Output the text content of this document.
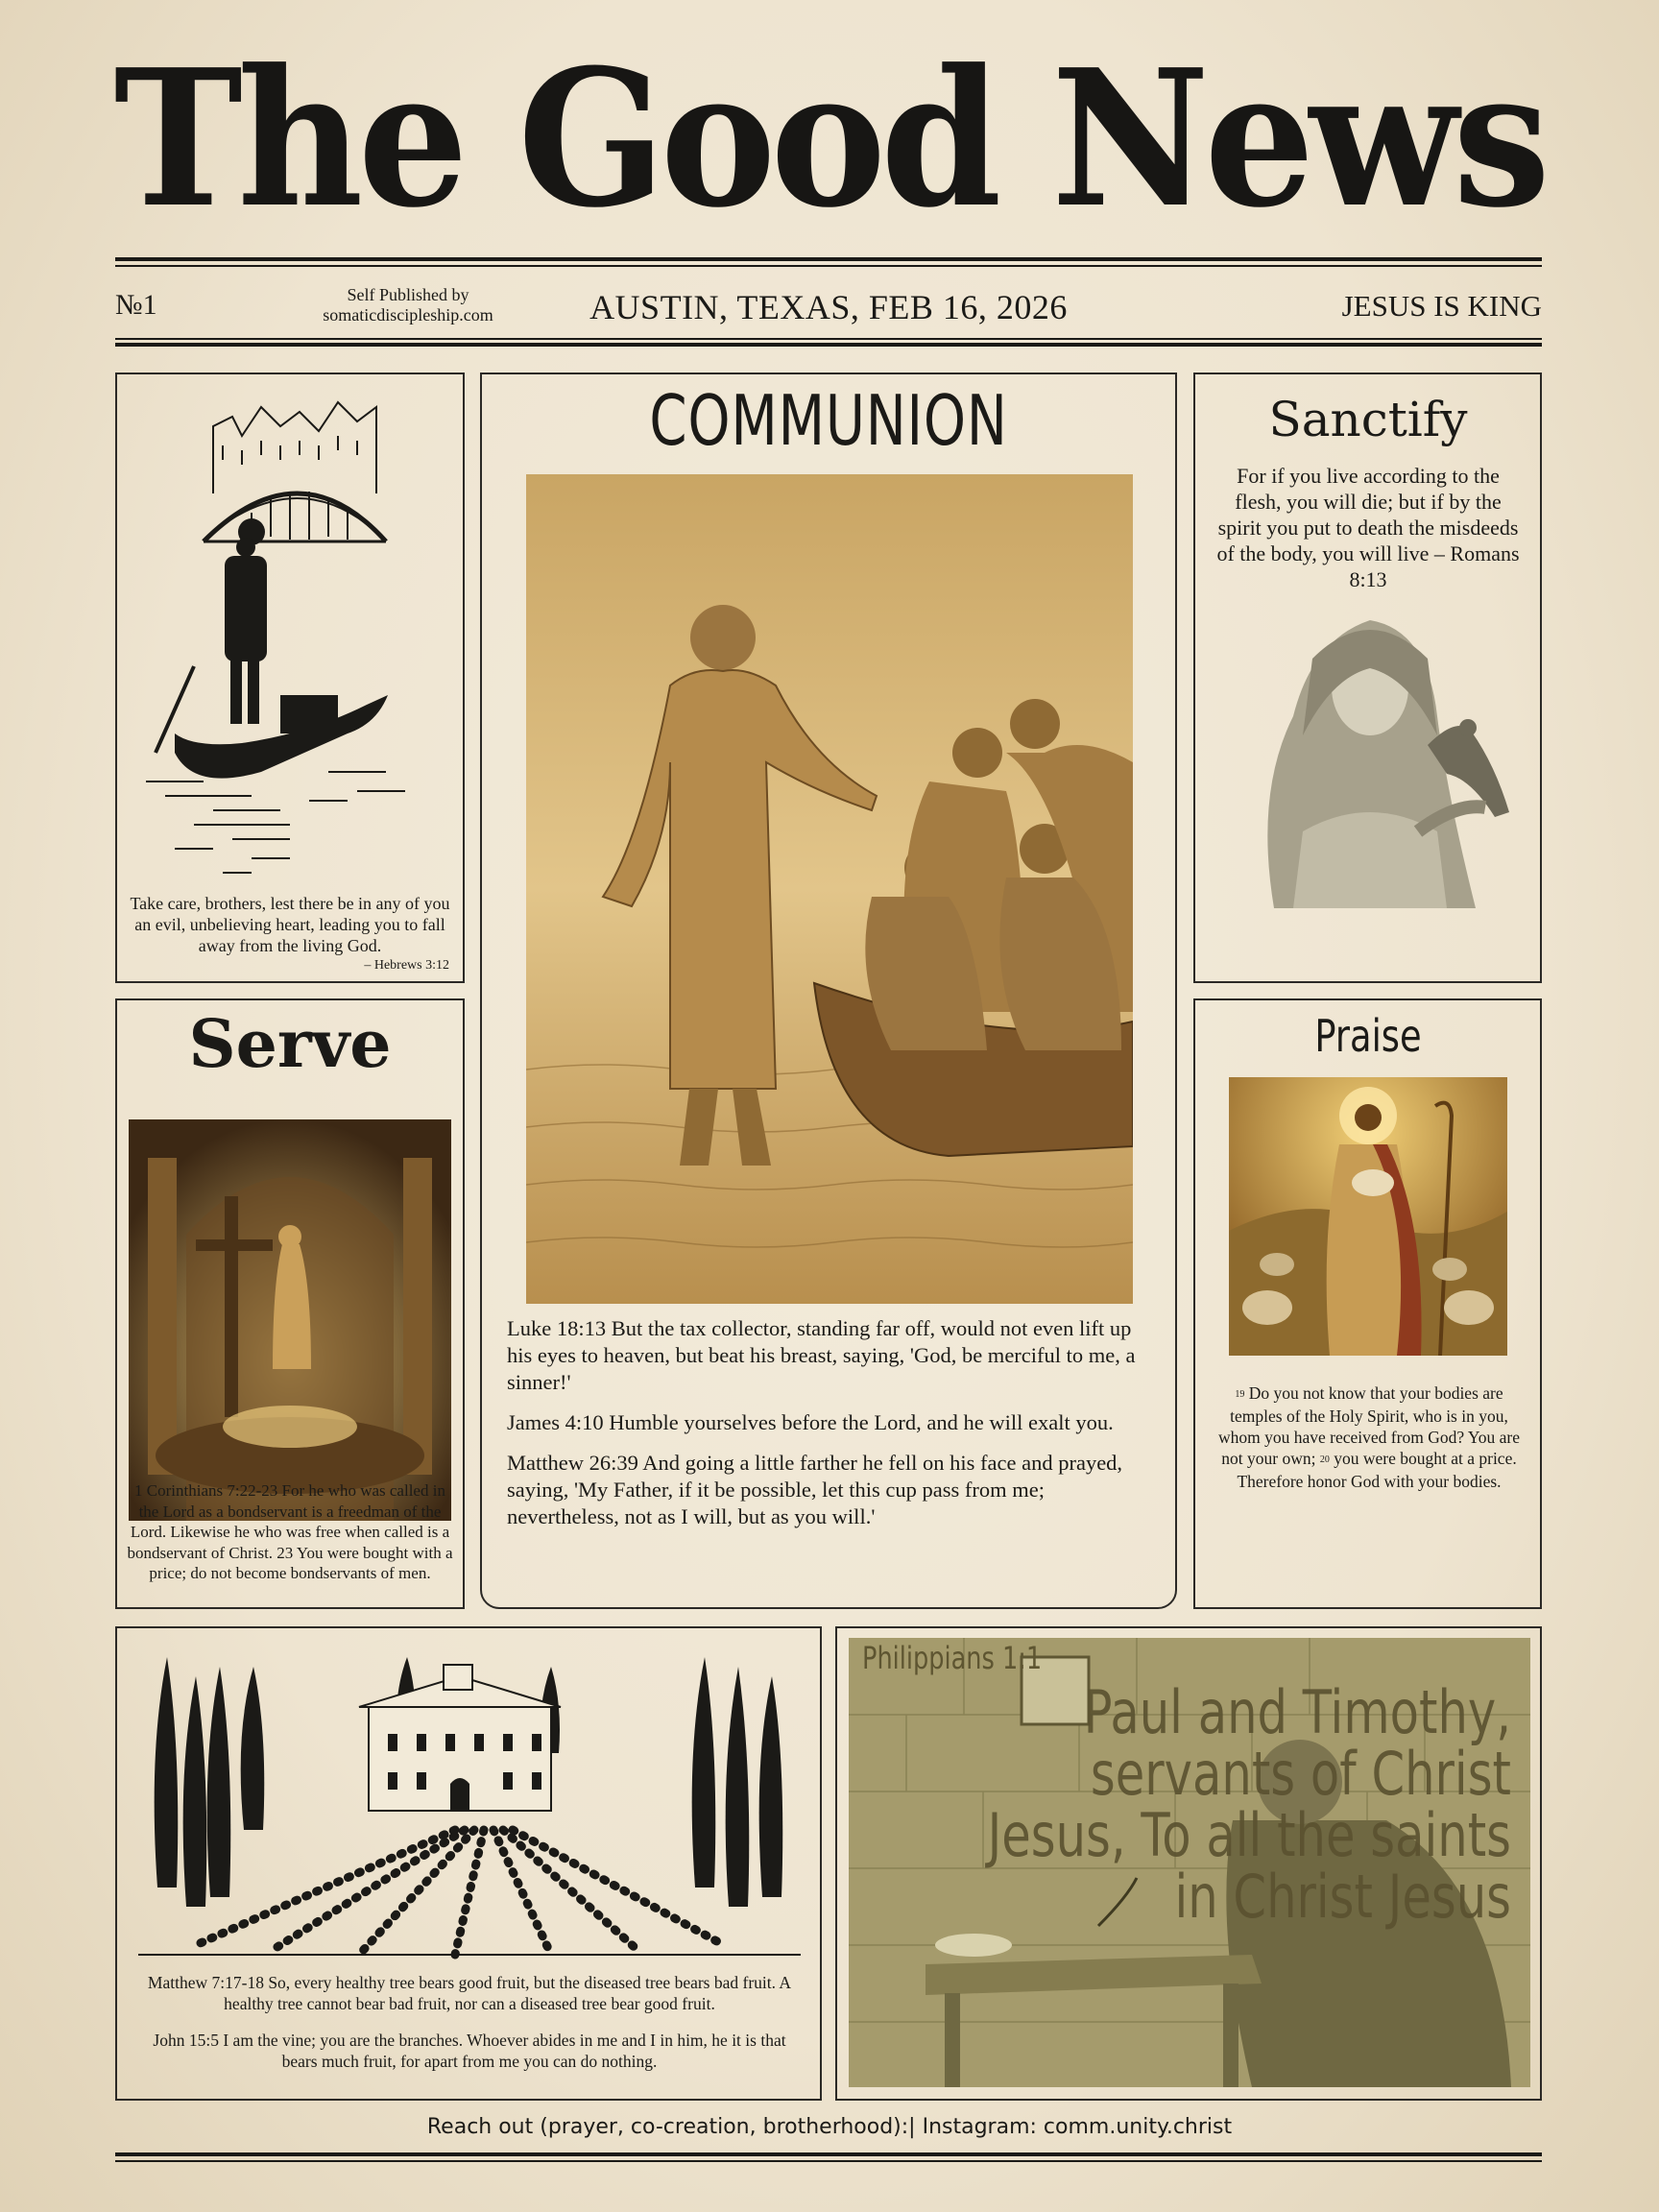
The Good News
№1	Self Published by
somaticdiscipleship.com	AUSTIN, TEXAS, FEB 16, 2026	JESUS IS KING
Take care, brothers, lest there be in any of you an evil, unbelieving heart, leading you to fall away from the living God.
– Hebrews 3:12
Serve
1 Corinthians 7:22-23 For he who was called in the Lord as a bondservant is a freedman of the Lord. Likewise he who was free when called is a bondservant of Christ. 23 You were bought with a price; do not become bondservants of men.
COMMUNION

Luke 18:13 But the tax collector, standing far off, would not even lift up his eyes to heaven, but beat his breast, saying, 'God, be merciful to me, a sinner!'

James 4:10 Humble yourselves before the Lord, and he will exalt you.

Matthew 26:39 And going a little farther he fell on his face and prayed, saying, 'My Father, if it be possible, let this cup pass from me; nevertheless, not as I will, but as you will.'

Sanctify
For if you live according to the flesh, you will die; but if by the spirit you put to death the misdeeds of the body, you will live – Romans 8:13
Praise
$^{19}$ Do you not know that your bodies are temples of the Holy Spirit, who is in you, whom you have received from God? You are not your own; $^{20}$ you were bought at a price. Therefore honor God with your bodies.

Matthew 7:17-18 So, every healthy tree bears good fruit, but the diseased tree bears bad fruit. A healthy tree cannot bear bad fruit, nor can a diseased tree bear good fruit.

John 15:5 I am the vine; you are the branches. Whoever abides in me and I in him, he it is that bears much fruit, for apart from me you can do nothing.

Philippians 1:1
Paul and Timothy, servants of Christ Jesus, To all the saints in Christ Jesus
Reach out (prayer, co-creation, brotherhood):| Instagram: comm.unity.christ
